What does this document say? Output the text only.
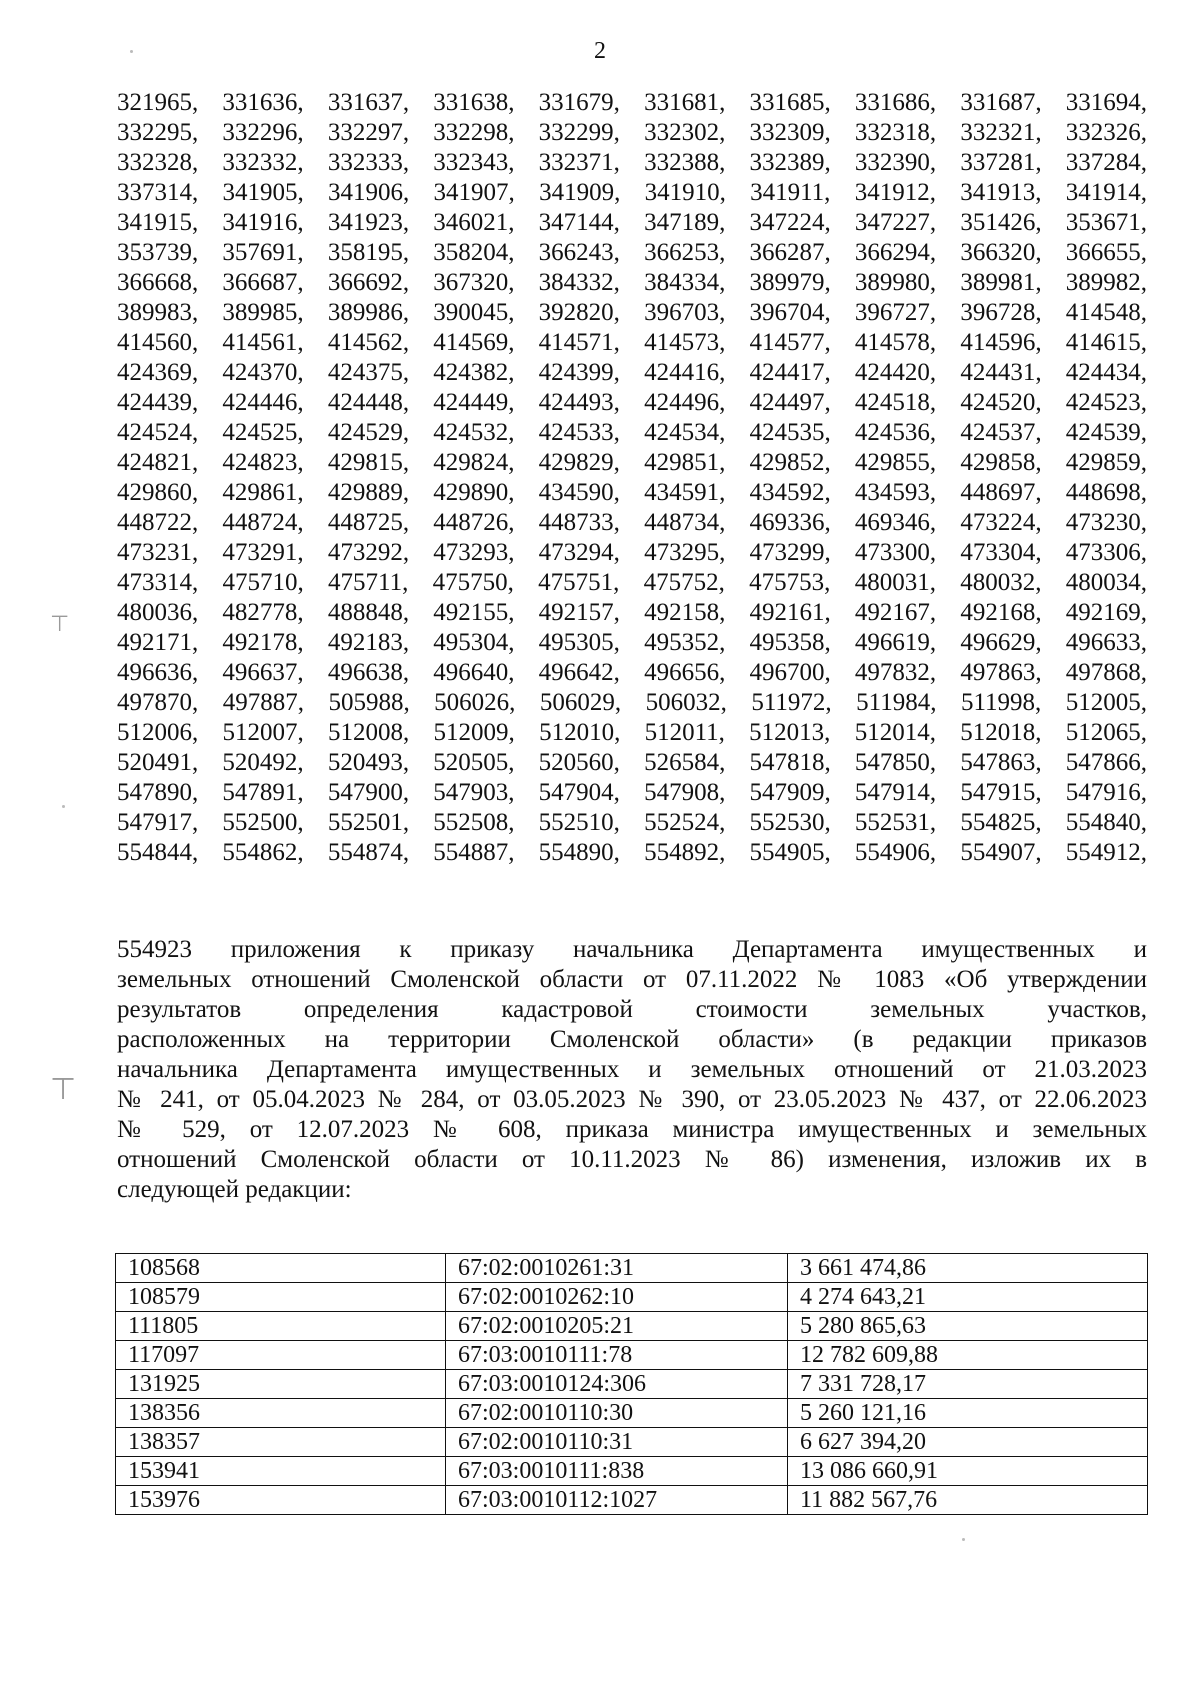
2
⊤
⊤
321965, 331636, 331637, 331638, 331679, 331681, 331685, 331686, 331687, 331694,
332295, 332296, 332297, 332298, 332299, 332302, 332309, 332318, 332321, 332326,
332328, 332332, 332333, 332343, 332371, 332388, 332389, 332390, 337281, 337284,
337314, 341905, 341906, 341907, 341909, 341910, 341911, 341912, 341913, 341914,
341915, 341916, 341923, 346021, 347144, 347189, 347224, 347227, 351426, 353671,
353739, 357691, 358195, 358204, 366243, 366253, 366287, 366294, 366320, 366655,
366668, 366687, 366692, 367320, 384332, 384334, 389979, 389980, 389981, 389982,
389983, 389985, 389986, 390045, 392820, 396703, 396704, 396727, 396728, 414548,
414560, 414561, 414562, 414569, 414571, 414573, 414577, 414578, 414596, 414615,
424369, 424370, 424375, 424382, 424399, 424416, 424417, 424420, 424431, 424434,
424439, 424446, 424448, 424449, 424493, 424496, 424497, 424518, 424520, 424523,
424524, 424525, 424529, 424532, 424533, 424534, 424535, 424536, 424537, 424539,
424821, 424823, 429815, 429824, 429829, 429851, 429852, 429855, 429858, 429859,
429860, 429861, 429889, 429890, 434590, 434591, 434592, 434593, 448697, 448698,
448722, 448724, 448725, 448726, 448733, 448734, 469336, 469346, 473224, 473230,
473231, 473291, 473292, 473293, 473294, 473295, 473299, 473300, 473304, 473306,
473314, 475710, 475711, 475750, 475751, 475752, 475753, 480031, 480032, 480034,
480036, 482778, 488848, 492155, 492157, 492158, 492161, 492167, 492168, 492169,
492171, 492178, 492183, 495304, 495305, 495352, 495358, 496619, 496629, 496633,
496636, 496637, 496638, 496640, 496642, 496656, 496700, 497832, 497863, 497868,
497870, 497887, 505988, 506026, 506029, 506032, 511972, 511984, 511998, 512005,
512006, 512007, 512008, 512009, 512010, 512011, 512013, 512014, 512018, 512065,
520491, 520492, 520493, 520505, 520560, 526584, 547818, 547850, 547863, 547866,
547890, 547891, 547900, 547903, 547904, 547908, 547909, 547914, 547915, 547916,
547917, 552500, 552501, 552508, 552510, 552524, 552530, 552531, 554825, 554840,
554844, 554862, 554874, 554887, 554890, 554892, 554905, 554906, 554907, 554912,
554923 приложения к приказу начальника Департамента имущественных и
земельных отношений Смоленской области от 07.11.2022 № 1083 «Об утверждении
результатов определения кадастровой стоимости земельных участков,
расположенных на территории Смоленской области» (в редакции приказов
начальника Департамента имущественных и земельных отношений от 21.03.2023
№ 241, от 05.04.2023 № 284, от 03.05.2023 № 390, от 23.05.2023 № 437, от 22.06.2023
№ 529, от 12.07.2023 № 608, приказа министра имущественных и земельных
отношений Смоленской области от 10.11.2023 № 86) изменения, изложив их в
следующей редакции:
108568	67:02:0010261:31	3 661 474,86
108579	67:02:0010262:10	4 274 643,21
111805	67:02:0010205:21	5 280 865,63
117097	67:03:0010111:78	12 782 609,88
131925	67:03:0010124:306	7 331 728,17
138356	67:02:0010110:30	5 260 121,16
138357	67:02:0010110:31	6 627 394,20
153941	67:03:0010111:838	13 086 660,91
153976	67:03:0010112:1027	11 882 567,76
